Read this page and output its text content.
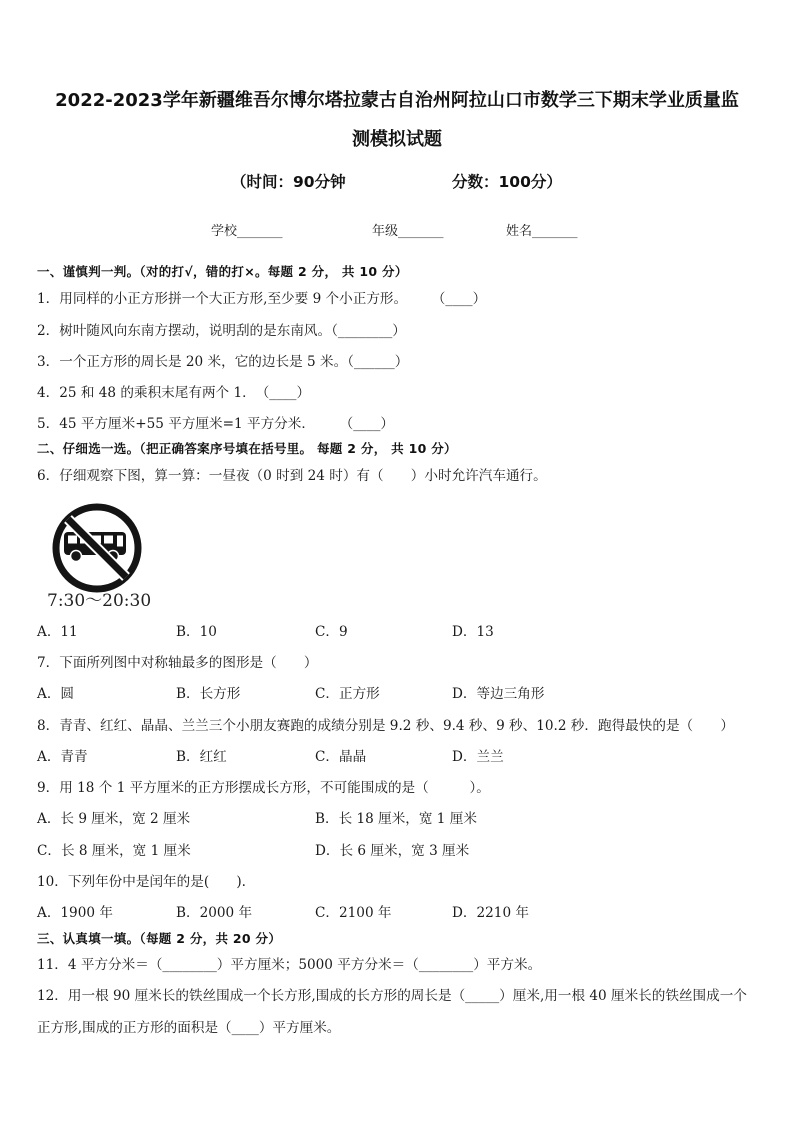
2022-2023学年新疆维吾尔博尔塔拉蒙古自治州阿拉山口市数学三下期末学业质量监
测模拟试题
（时间：90分钟	分数：100分）
学校_______	年级_______	姓名_______
一、谨慎判一判。（对的打√，错的打×。每题 2 分， 共 10 分）
1．用同样的小正方形拼一个大正方形,至少要 9 个小正方形。　　 （____）
2．树叶随风向东南方摆动，说明刮的是东南风。（________）
3．一个正方形的周长是 20 米，它的边长是 5 米。（______）
4．25 和 48 的乘积末尾有两个 1．　（____）
5．45 平方厘米+55 平方厘米=1 平方分米．　　 （____）
二、仔细选一选。（把正确答案序号填在括号里。 每题 2 分， 共 10 分）
6．仔细观察下图，算一算：一昼夜（0 时到 24 时）有（　　）小时允许汽车通行。
7:30～20:30
A．11	B．10	C．9	D．13
7．下面所列图中对称轴最多的图形是（　　）
A．圆	B．长方形	C．正方形	D．等边三角形
8．青青、红红、晶晶、兰兰三个小朋友赛跑的成绩分别是 9.2 秒、9.4 秒、9 秒、10.2 秒．跑得最快的是（　　）
A．青青	B．红红	C．晶晶	D．兰兰
9．用 18 个 1 平方厘米的正方形摆成长方形，不可能围成的是（　　　）。
A．长 9 厘米，宽 2 厘米	B．长 18 厘米，宽 1 厘米
C．长 8 厘米，宽 1 厘米	D．长 6 厘米，宽 3 厘米
10．下列年份中是闰年的是(　　).
A．1900 年	B．2000 年	C．2100 年	D．2210 年
三、认真填一填。（每题 2 分，共 20 分）
11．4 平方分米＝（________）平方厘米；5000 平方分米＝（________）平方米。
12．用一根 90 厘米长的铁丝围成一个长方形,围成的长方形的周长是（_____）厘米,用一根 40 厘米长的铁丝围成一个
正方形,围成的正方形的面积是（____）平方厘米。
